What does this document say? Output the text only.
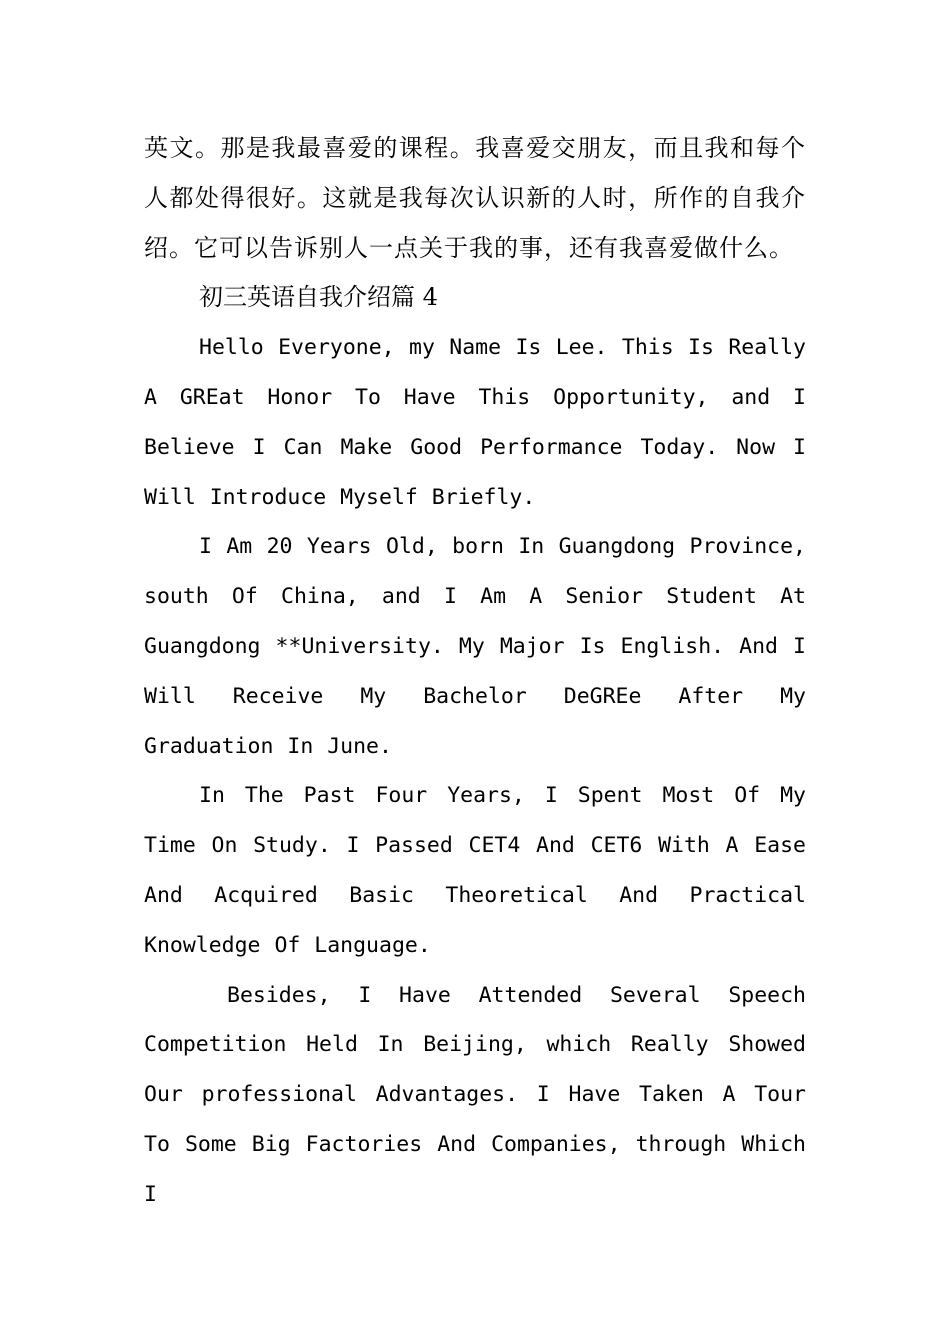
英文。那是我最喜爱的课程。我喜爱交朋友，而且我和每个人都处得很好。这就是我每次认识新的人时，所作的自我介绍。它可以告诉别人一点关于我的事，还有我喜爱做什么。

初三英语自我介绍篇 4

Hello Everyone, my Name Is Lee. This Is Really A GREat Honor To Have This Opportunity, and I Believe I Can Make Good Performance Today. Now I Will Introduce Myself Briefly.

I Am 20 Years Old, born In Guangdong Province, south Of China, and I Am A Senior Student At Guangdong **University. My Major Is English. And I Will Receive My Bachelor DeGREe After My Graduation In June.

In The Past Four Years, I Spent Most Of My Time On Study. I Passed CET4 And CET6 With A Ease And Acquired Basic Theoretical And Practical Knowledge Of Language.

Besides, I Have Attended Several Speech Competition Held In Beijing, which Really Showed Our professional Advantages. I Have Taken A Tour To Some Big Factories And Companies, through Which I
